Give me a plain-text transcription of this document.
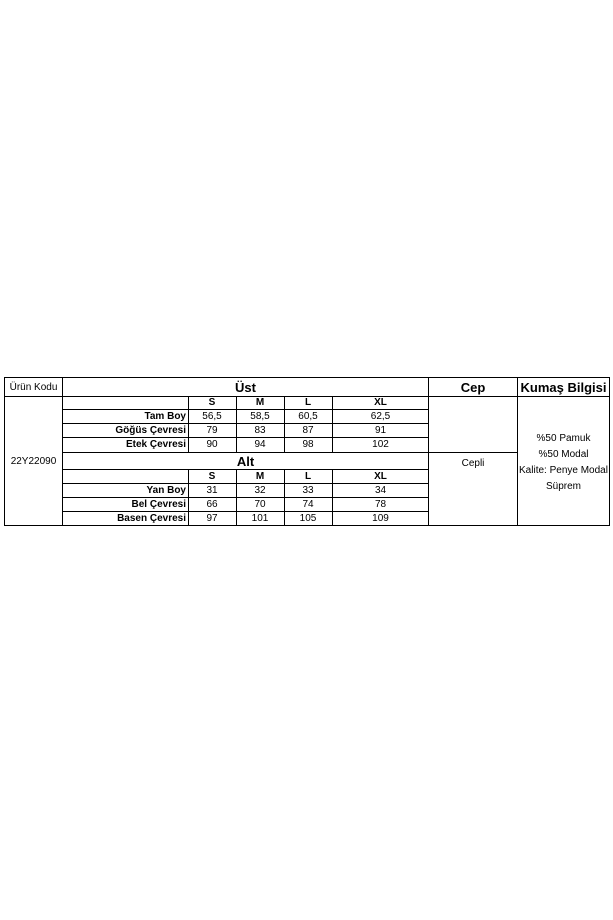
Ürün Kodu	Üst	Cep	Kumaş Bilgisi
22Y22090
S	M	L	XL
Tam Boy	56,5	58,5	60,5	62,5
Göğüs Çevresi	79	83	87	91
Etek Çevresi	90	94	98	102
Alt
S	M	L	XL
Yan Boy	31	32	33	34
Bel Çevresi	66	70	74	78
Basen Çevresi	97	101	105	109
Cepli
%50 Pamuk
%50 Modal
Kalite: Penye Modal
Süprem
